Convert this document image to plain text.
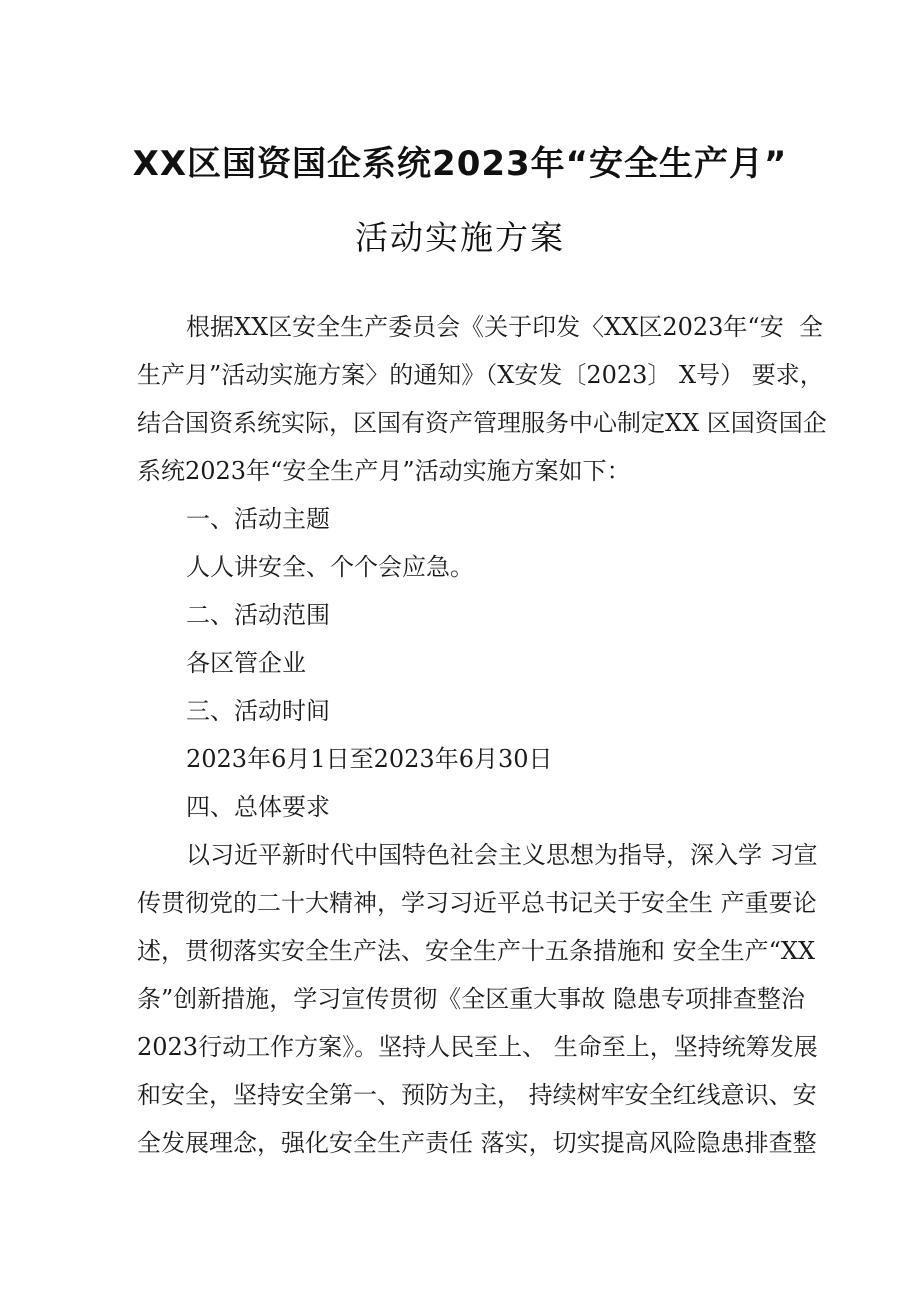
XX区国资国企系统2023年“安全生产月”
活动实施方案
根据XX区安全生产委员会《关于印发〈XX区2023年“安  全
生产月”活动实施方案〉的通知》（X安发〔2023〕 X号） 要求，
结合国资系统实际，区国有资产管理服务中心制定XX 区国资国企
系统2023年“安全生产月”活动实施方案如下：
一、活动主题
人人讲安全、个个会应急。
二、活动范围
各区管企业
三、活动时间
2023年6月1日至2023年6月30日
四、总体要求
以习近平新时代中国特色社会主义思想为指导，深入学 习宣
传贯彻党的二十大精神，学习习近平总书记关于安全生 产重要论
述，贯彻落实安全生产法、安全生产十五条措施和 安全生产“XX
条”创新措施，学习宣传贯彻《全区重大事故 隐患专项排查整治
2023行动工作方案》。坚持人民至上、 生命至上，坚持统筹发展
和安全，坚持安全第一、预防为主， 持续树牢安全红线意识、安
全发展理念，强化安全生产责任 落实，切实提高风险隐患排查整
